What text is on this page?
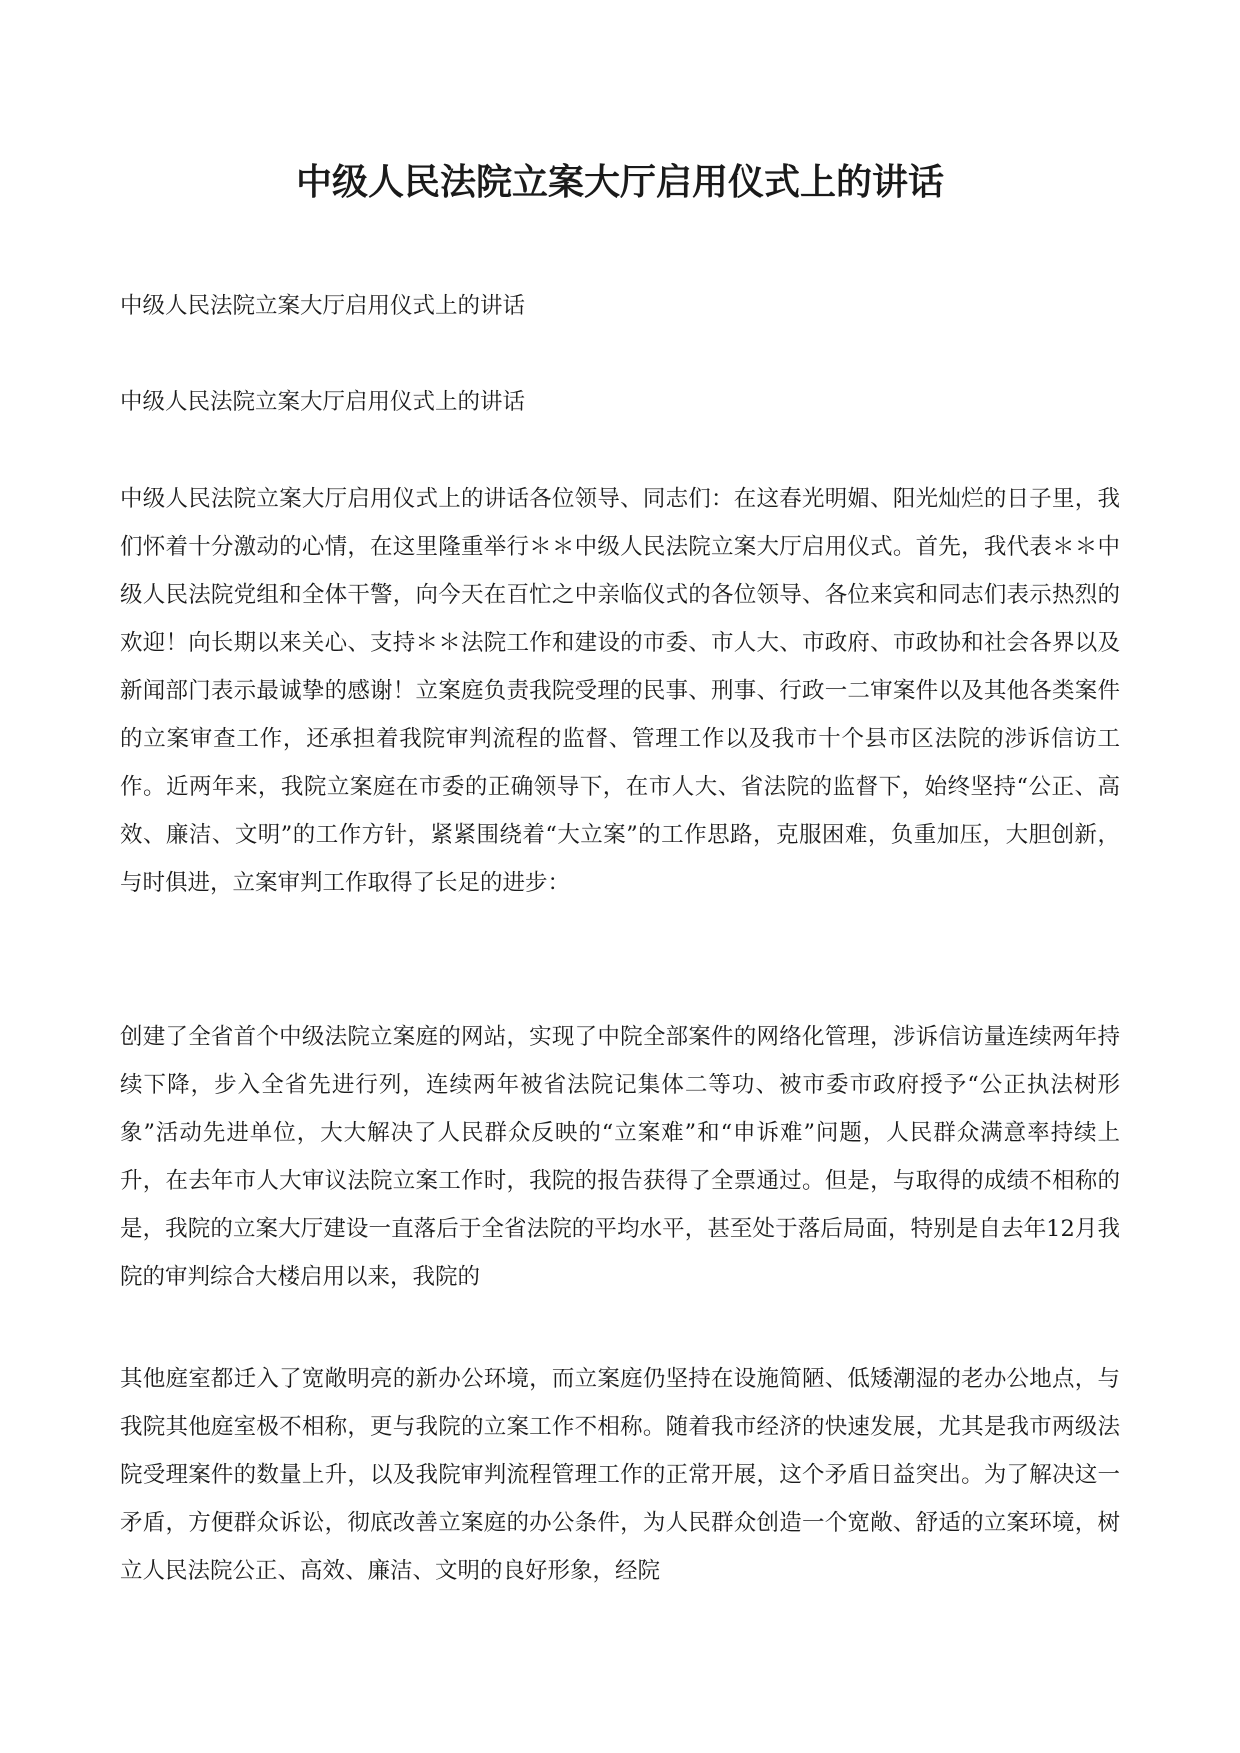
中级人民法院立案大厅启用仪式上的讲话

中级人民法院立案大厅启用仪式上的讲话

中级人民法院立案大厅启用仪式上的讲话

中级人民法院立案大厅启用仪式上的讲话各位领导、同志们：在这春光明媚、阳光灿烂的日子里，我们怀着十分激动的心情，在这里隆重举行＊＊中级人民法院立案大厅启用仪式。首先，我代表＊＊中级人民法院党组和全体干警，向今天在百忙之中亲临仪式的各位领导、各位来宾和同志们表示热烈的欢迎！向长期以来关心、支持＊＊法院工作和建设的市委、市人大、市政府、市政协和社会各界以及新闻部门表示最诚挚的感谢！立案庭负责我院受理的民事、刑事、行政一二审案件以及其他各类案件的立案审查工作，还承担着我院审判流程的监督、管理工作以及我市十个县市区法院的涉诉信访工作。近两年来，我院立案庭在市委的正确领导下，在市人大、省法院的监督下，始终坚持“公正、高效、廉洁、文明”的工作方针，紧紧围绕着“大立案”的工作思路，克服困难，负重加压，大胆创新，与时俱进，立案审判工作取得了长足的进步：

创建了全省首个中级法院立案庭的网站，实现了中院全部案件的网络化管理，涉诉信访量连续两年持续下降，步入全省先进行列，连续两年被省法院记集体二等功、被市委市政府授予“公正执法树形象”活动先进单位，大大解决了人民群众反映的“立案难”和“申诉难”问题，人民群众满意率持续上升，在去年市人大审议法院立案工作时，我院的报告获得了全票通过。但是，与取得的成绩不相称的是，我院的立案大厅建设一直落后于全省法院的平均水平，甚至处于落后局面，特别是自去年12月我院的审判综合大楼启用以来，我院的

其他庭室都迁入了宽敞明亮的新办公环境，而立案庭仍坚持在设施简陋、低矮潮湿的老办公地点，与我院其他庭室极不相称，更与我院的立案工作不相称。随着我市经济的快速发展，尤其是我市两级法院受理案件的数量上升，以及我院审判流程管理工作的正常开展，这个矛盾日益突出。为了解决这一矛盾，方便群众诉讼，彻底改善立案庭的办公条件，为人民群众创造一个宽敞、舒适的立案环境，树立人民法院公正、高效、廉洁、文明的良好形象，经院
